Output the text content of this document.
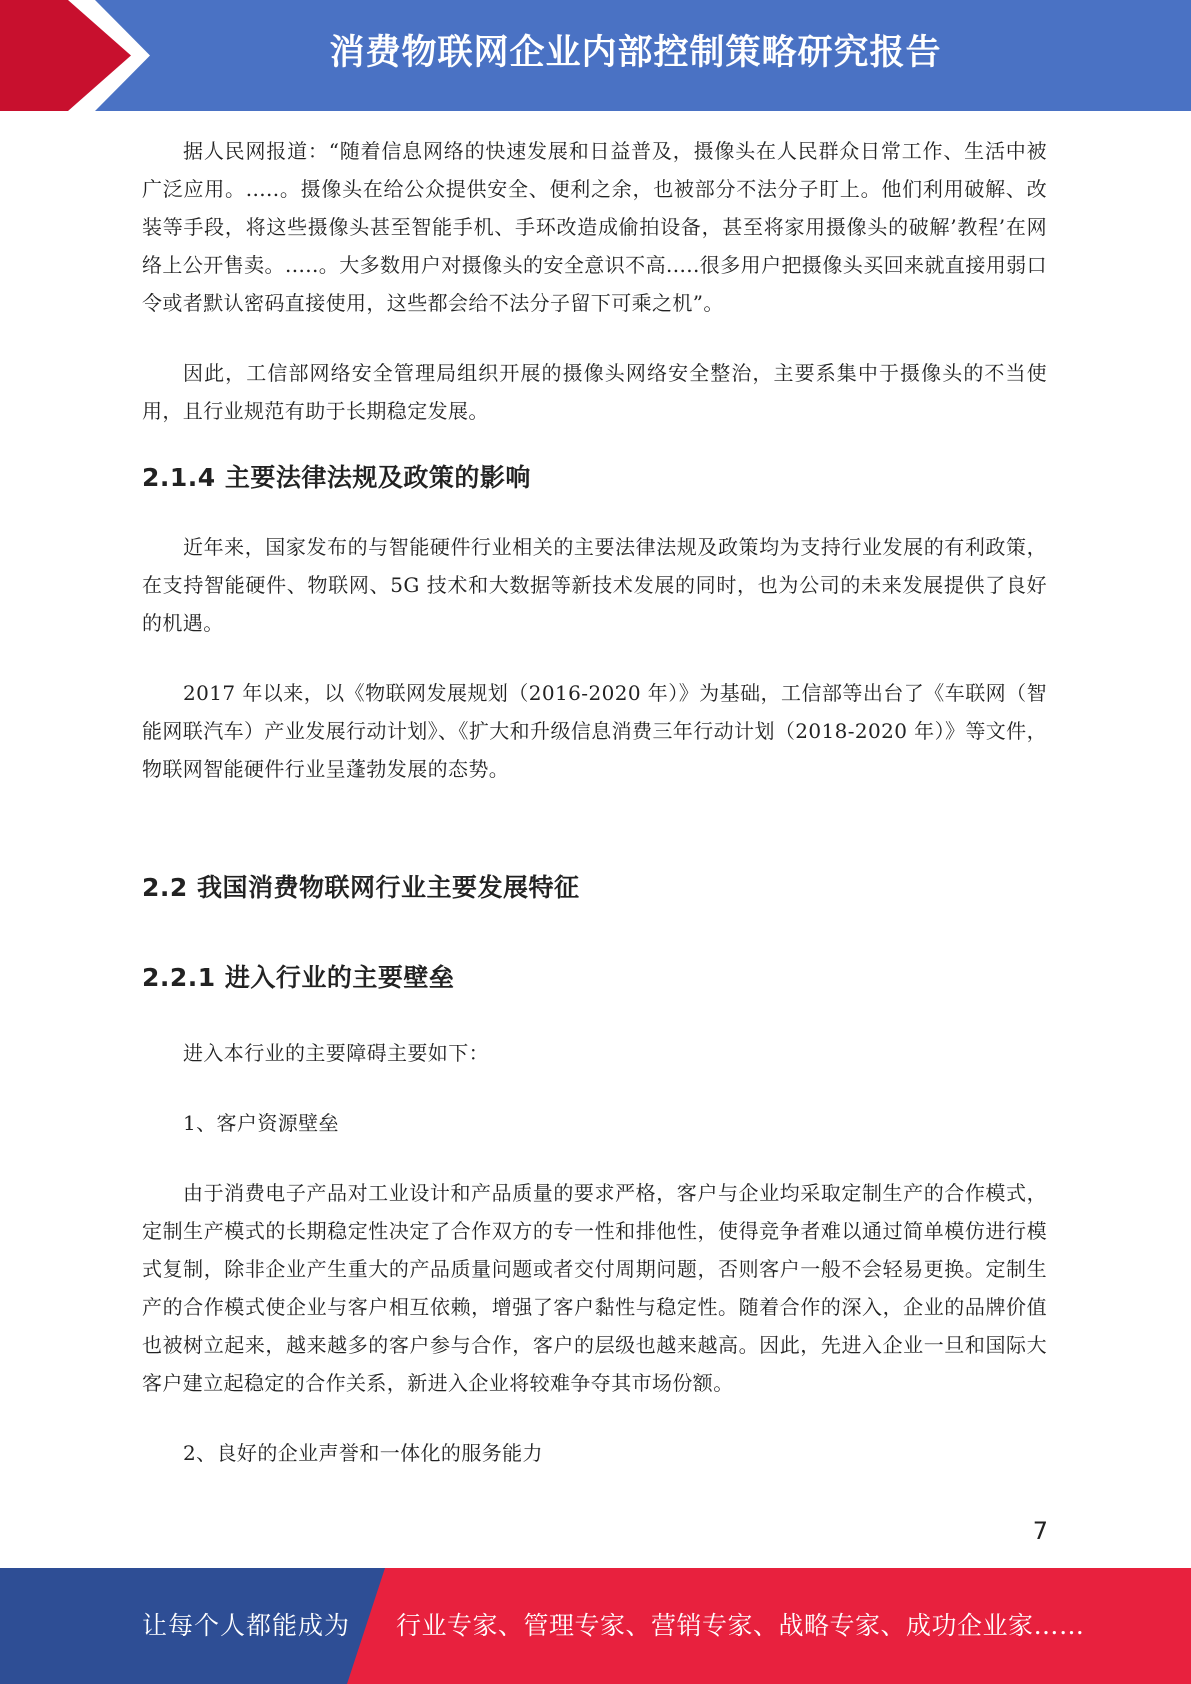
消费物联网企业内部控制策略研究报告

据人民网报道：“随着信息网络的快速发展和日益普及，摄像头在人民群众日常工作、生活中被广泛应用。.....。摄像头在给公众提供安全、便利之余，也被部分不法分子盯上。他们利用破解、改装等手段，将这些摄像头甚至智能手机、手环改造成偷拍设备，甚至将家用摄像头的破解’教程’在网络上公开售卖。.....。大多数用户对摄像头的安全意识不高.....很多用户把摄像头买回来就直接用弱口令或者默认密码直接使用，这些都会给不法分子留下可乘之机”。

因此，工信部网络安全管理局组织开展的摄像头网络安全整治，主要系集中于摄像头的不当使用，且行业规范有助于长期稳定发展。

2.1.4 主要法律法规及政策的影响

近年来，国家发布的与智能硬件行业相关的主要法律法规及政策均为支持行业发展的有利政策，在支持智能硬件、物联网、5G 技术和大数据等新技术发展的同时，也为公司的未来发展提供了良好的机遇。

2017 年以来，以《物联网发展规划（2016-2020 年）》为基础，工信部等出台了《车联网（智能网联汽车）产业发展行动计划》、《扩大和升级信息消费三年行动计划（2018-2020 年）》等文件，物联网智能硬件行业呈蓬勃发展的态势。

2.2 我国消费物联网行业主要发展特征
2.2.1 进入行业的主要壁垒

进入本行业的主要障碍主要如下：

1、客户资源壁垒

由于消费电子产品对工业设计和产品质量的要求严格，客户与企业均采取定制生产的合作模式，定制生产模式的长期稳定性决定了合作双方的专一性和排他性，使得竞争者难以通过简单模仿进行模式复制，除非企业产生重大的产品质量问题或者交付周期问题，否则客户一般不会轻易更换。定制生产的合作模式使企业与客户相互依赖，增强了客户黏性与稳定性。随着合作的深入，企业的品牌价值也被树立起来，越来越多的客户参与合作，客户的层级也越来越高。因此，先进入企业一旦和国际大客户建立起稳定的合作关系，新进入企业将较难争夺其市场份额。

2、良好的企业声誉和一体化的服务能力

7
让每个人都能成为 行业专家、管理专家、营销专家、战略专家、成功企业家……
